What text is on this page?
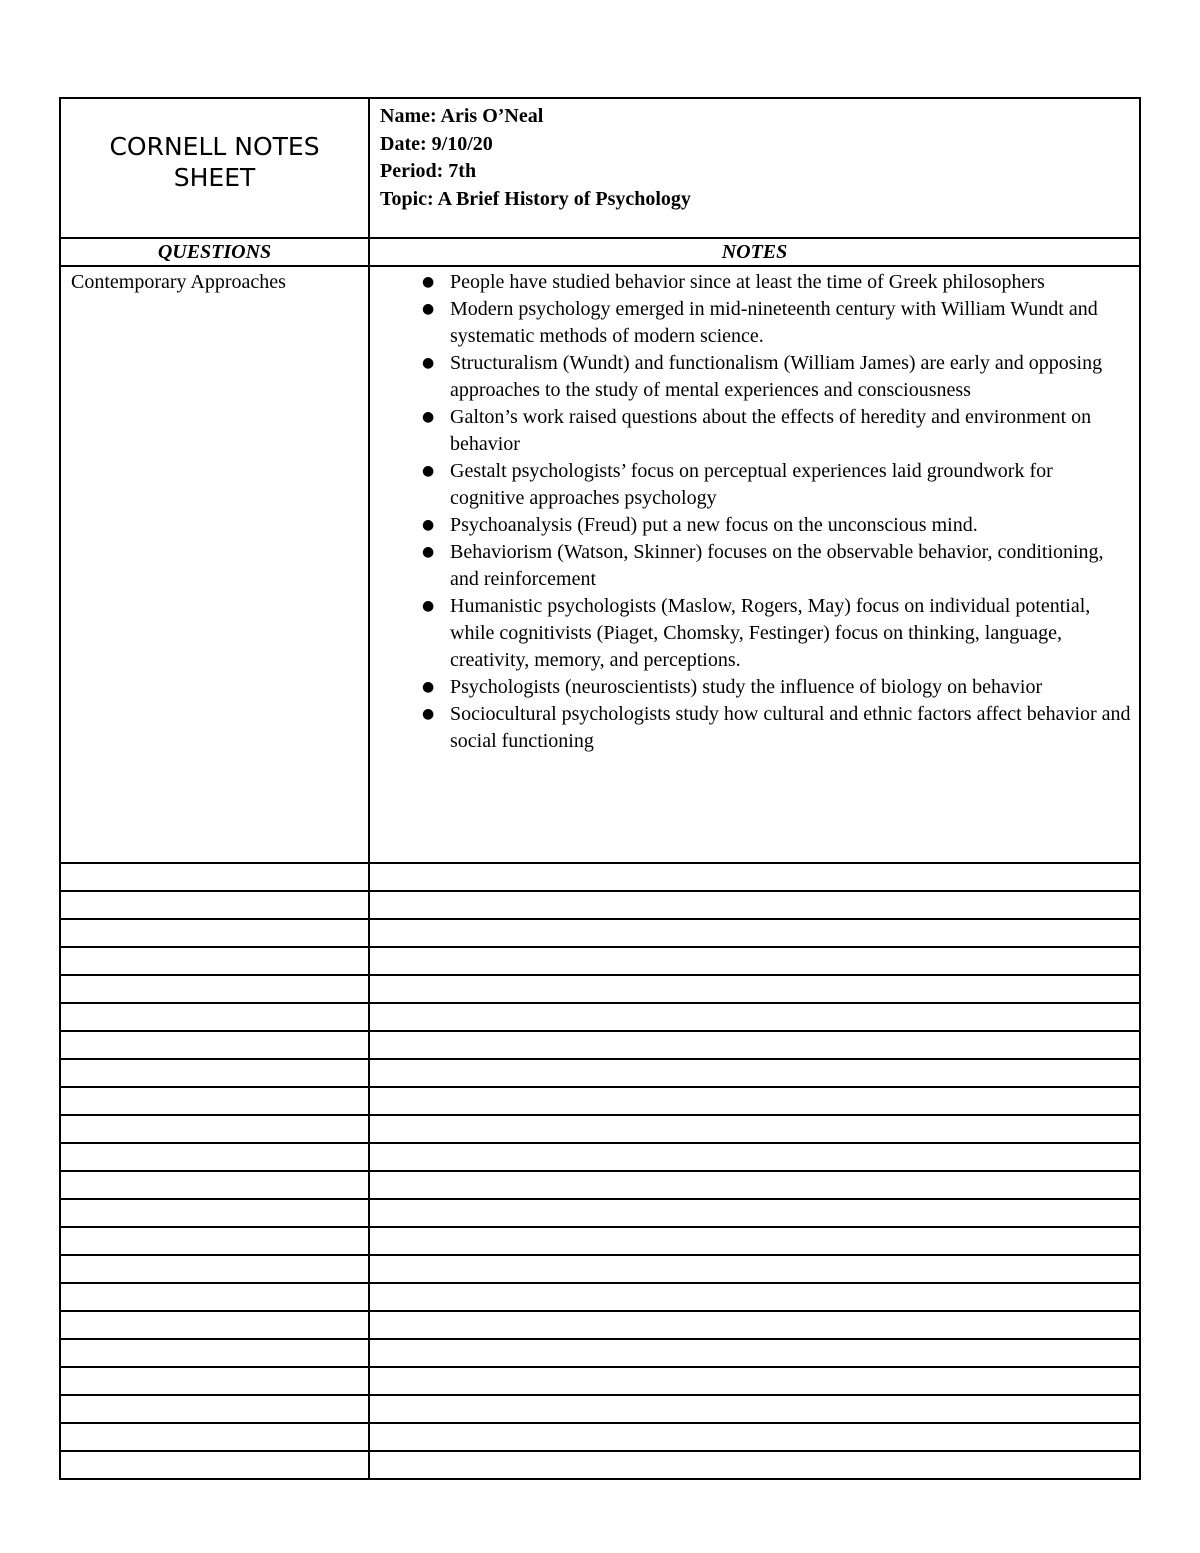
CORNELL NOTES
SHEET
Name: Aris O’Neal
Date: 9/10/20
Period: 7th
Topic: A Brief History of Psychology
QUESTIONS	NOTES
Contemporary Approaches	● People have studied behavior since at least the time of Greek philosophers
● Modern psychology emerged in mid-nineteenth century with William Wundt and systematic methods of modern science.
● Structuralism (Wundt) and functionalism (William James) are early and opposing approaches to the study of mental experiences and consciousness
● Galton’s work raised questions about the effects of heredity and environment on behavior
● Gestalt psychologists’ focus on perceptual experiences laid groundwork for cognitive approaches psychology
● Psychoanalysis (Freud) put a new focus on the unconscious mind.
● Behaviorism (Watson, Skinner) focuses on the observable behavior, conditioning, and reinforcement
● Humanistic psychologists (Maslow, Rogers, May) focus on individual potential, while cognitivists (Piaget, Chomsky, Festinger) focus on thinking, language, creativity, memory, and perceptions.
● Psychologists (neuroscientists) study the influence of biology on behavior
● Sociocultural psychologists study how cultural and ethnic factors affect behavior and social functioning
